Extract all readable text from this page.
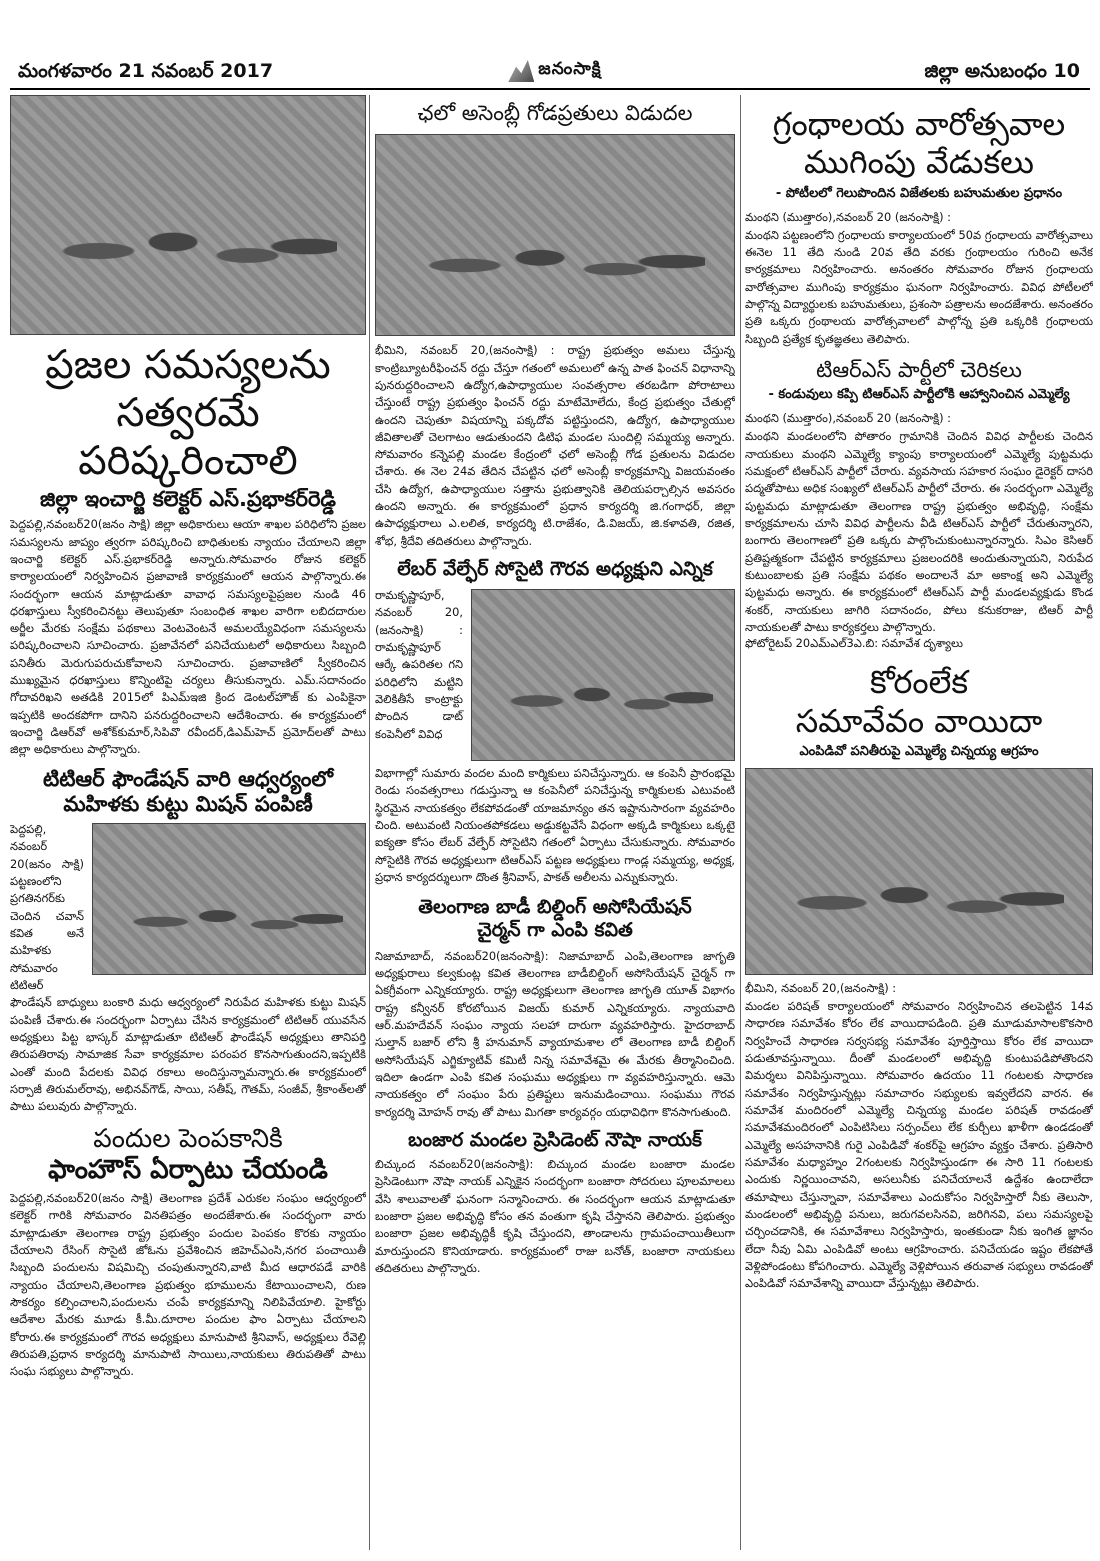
మంగళవారం 21 నవంబర్ 2017	జనంసాక్షి	జిల్లా అనుబంధం 10
ప్రజల సమస్యలను
సత్వరమే పరిష్కరించాలి
జిల్లా ఇంచార్జి కలెక్టర్ ఎస్.ప్రభాకర్‌రెడ్డి

పెద్దపల్లి,నవంబర్20(జనం సాక్షి) జిల్లా అధికారులు ఆయా శాఖల పరిధిలోని ప్రజల సమస్యలను జాప్యం త్వరగా పరిష్కరించి బాధితులకు న్యాయం చేయాలని జిల్లా ఇంచార్జి కలెక్టర్ ఎస్.ప్రభాకర్‌రెడ్డి అన్నారు.సోమవారం రోజున కలెక్టర్ కార్యాలయంలో నిర్వహించిన ప్రజావాణి కార్యక్రమంలో ఆయన పాల్గొన్నారు.ఈ సందర్భంగా ఆయన మాట్లాడుతూ వావాధ సమస్యలపైప్రజల నుండి 46 ధరఖాస్తులు స్వీకరించినట్టు తెలుపుతూ సంబంధిత శాఖల వారిగా లబిదదారుల అర్జీల మేరకు సంక్షేమ పథకాలు వెంటవెంటనే అమలయ్యేవిధంగా సమస్యలను పరిష్కరించాలని సూచించారు. ప్రజావేనలో పనిచేయుటలో అధికారులు సిబ్బంది పనితీరు మెరుగుపరుచుకోవాలని సూచించారు. ప్రజావాణిలో స్వీకరించిన ముఖ్యమైన ధరఖాస్తులు కొన్నింటిపై చర్యలు తీసుకున్నారు. ఎమ్.సదానందం గోదావరిఖని అతడికి 2015లో పిఎమ్ఇజి క్రింద డెంటల్‌హౌజ్ కు ఎంపికైనా ఇప్పటికి అందకపోగా దానిని పనరుద్దరించాలని ఆదేశించారు. ఈ కార్యక్రమంలో ఇంచార్జి డిఆర్‌వో అశోక్‌కుమార్,సిపివొ రవీందర్,డిఎమ్‌హెచ్ ప్రమోద్‌లతో పాటు జిల్లా అధికారులు పాల్గొన్నారు.

టిటిఆర్ ఫౌండేషన్ వారి ఆధ్వర్యంలో
మహిళకు కుట్టు మిషన్ పంపిణీ

పెద్దపల్లి, నవంబర్ 20(జనం సాక్షి) పట్టణంలోని ప్రగతినగర్‌కు చెందిన చవాన్ కవిత అనే మహిళకు సోమవారం టిటిఆర్

ఫౌండేషన్ బాధ్యులు బంకారి మధు ఆధ్వర్యంలో నిరుపేద మహిళకు కుట్టు మిషన్ పంపిణీ చేశారు.ఈ సందర్భంగా ఏర్పాటు చేసిన కార్యక్రమంలో టిటిఆర్ యువసేన అధ్యక్షులు పిట్ట భాస్కర్ మాట్లాడుతూ టిటిఆర్ ఫౌండేషన్ అధ్యక్షులు తానిపర్తి తిరుపతిరావు సామాజిక సేవా కార్యక్రమాల పరంపర కొనసాగుతుందని,ఇప్పటికి ఎంతో మంది పేదలకు వివిధ రకాలు అందిస్తున్నామన్నారు.ఈ కార్యక్రమంలో సర్పాజీ తిరుమల్‌రావు, అభినవ్‌గౌడ్, సాయి, సతీష్, గౌతమ్, సంజీవ్, శ్రీకాంత్‌లతో పాటు పలువురు పాల్గొన్నారు.

పందుల పెంపకానికి
ఫాంహౌస్ ఏర్పాటు చేయండి

పెద్దపల్లి,నవంబర్20(జనం సాక్షి) తెలంగాణ ప్రదేశ్ ఎరుకల సంఘం ఆధ్వర్యంలో కలెక్టర్ గారికి సోమవారం వినతిపత్రం అందజేశారు.ఈ సందర్భంగా వారు మాట్లాడుతూ తెలంగాణ రాష్ట్ర ప్రభుత్వం పందుల పెంపకం కొరకు న్యాయం చేయాలని రేసింగ్ సొసైటి జోఓను ప్రవేశించిన జిహెచ్‌ఎంసి,నగర పంచాయితీ సిబ్బంది పందులను విషమిచ్చి చంపుతున్నారని,వాటి మీద ఆధారపడే వారికి న్యాయం చేయాలని,తెలంగాణ ప్రభుత్వం భూములను కేటాయించాలని, రుణ సౌకర్యం కల్పించాలని,పందులను చంపే కార్యక్రమాన్ని నిలిపివేయాలి. హైకోర్టు ఆదేశాల మేరకు మూడు కీ.మీ.దూరాల పందుల ఫాం ఏర్పాటు చేయాలని కోరారు.ఈ కార్యక్రమంలో గౌరవ అధ్యక్షులు మానుపాటి శ్రీనివాస్, అధ్యక్షులు రేవెల్లి తిరుపతి,ప్రధాన కార్యదర్శి మానుపాటి సాయిలు,నాయకులు తిరుపతితో పాటు సంఘ సభ్యులు పాల్గొన్నారు.

ఛలో అసెంబ్లీ గోడప్రతులు విడుదల

భీమిని, నవంబర్ 20,(జనంసాక్షి) : రాష్ట్ర ప్రభుత్వం అమలు చేస్తున్న కాంట్రిబ్యూటరీఫించన్ రద్దు చేస్తూ గతంలో అమలులో ఉన్న పాత ఫించన్ విధానాన్ని పునరుద్దరించాలని ఉద్యోగ,ఉపాధ్యాయుల సంవత్సరాల తరబడిగా పోరాటాలు చేస్తుంటే రాష్ట్ర ప్రభుత్వం ఫించన్ రద్దు మాటేమోలేదు, కేంద్ర ప్రభుత్వం చేతుల్లో ఉందని చెపుతూ విషయాన్ని పక్కదోవ పట్టిస్తుందని, ఉద్యోగ, ఉపాధ్యాయుల జీవితాలతో చెలగాటం ఆడుతుందని డిటిఫ మండల సుందిల్లి సమ్మయ్య అన్నారు. సోమవారం కన్నెపల్లి మండల కేంద్రంలో ఛలో అసెంబ్లీ గోడ ప్రతులను విడుదల చేశారు. ఈ నెల 24వ తేదిన చేపట్టిన ఛలో అసెంబ్లీ కార్యక్రమాన్ని విజయవంతం చేసి ఉద్యోగ, ఉపాధ్యాయుల సత్తాను ప్రభుత్వానికి తెలియపర్చాల్సిన అవసరం ఉందని అన్నారు. ఈ కార్యక్రమంలో ప్రధాన కార్యదర్శి జి.గంగాధర్, జిల్లా ఉపాధ్యక్షురాలు ఎ.లలిత, కార్యదర్శి టి.రాజేశం, డి.విజయ్, జి.కళావతి, రజిత, శోభ, శ్రీదేవి తదితరులు పాల్గొన్నారు.

లేబర్ వేల్ఫేర్ సోసైటి గౌరవ అధ్యక్షుని ఎన్నిక

రామకృష్ణాపూర్, నవంబర్ 20,(జనంసాక్షి) : రామకృష్ణాపూర్ ఆర్కే ఉపరితల గని పరిధిలోని మట్టిని వెలికితీసే కాంట్రాక్టు పొందిన డాట్ కంపెనీలో వివిధ

విభాగాల్లో సుమారు వందల మంది కార్మికులు పనిచేస్తున్నారు. ఆ కంపెనీ ప్రారంభమై రెండు సంవత్సరాలు గడుస్తున్నా ఆ కంపెనీలో పనిచేస్తున్న కార్మికులకు ఎటువంటి స్థిరమైన నాయకత్వం లేకపోవడంతో యాజమాన్యం తన ఇష్టానుసారంగా వ్యవహరిం చింది. అటువంటి నియంతపోకడలు అడ్డుకట్టవేసే విధంగా అక్కడి కార్మికులు ఒక్కటై ఐక్యతా కోసం లేబర్ వేల్ఫేర్ సోసైటిని గతంలో ఏర్పాటు చేసుకున్నారు. సోమవారం సోసైటికి గౌరవ అధ్యక్షులుగా టిఆర్ఎస్ పట్టణ అధ్యక్షులు గాండ్ల సమ్మయ్య, అధ్యక్ష, ప్రధాన కార్యదర్శులుగా దొంత శ్రీనివాస్, పాకత్ అలీలను ఎన్నుకున్నారు.

తెలంగాణ బాడీ బిల్డింగ్ అసోసియేషన్
చైర్మన్ గా ఎంపి కవిత

నిజామాబాద్, నవంబర్20(జనంసాక్షి): నిజామాబాద్ ఎంపి,తెలంగాణ జాగృతి అధ్యక్షురాలు కల్వకుంట్ల కవిత తెలంగాణ బాడీబిల్డింగ్ అసోసియేషన్ చైర్మన్ గా ఏకగ్రీవంగా ఎన్నికయ్యారు. రాష్ట్ర అధ్యక్షులుగా తెలంగాణ జాగృతి యూత్ విభాగం రాష్ట్ర కన్వీనర్ కోరబోయిన విజయ్ కుమార్ ఎన్నికయ్యారు. న్యాయవాది ఆర్.మహదేవన్ సంఘం న్యాయ సలహా దారుగా వ్యవహరిస్తారు. హైదరాబాద్ సుల్తాన్ బజార్ లోని శ్రీ హనుమాన్ వ్యాయామశాల లో తెలంగాణ బాడీ బిల్డింగ్ అసోసియేషన్ ఎగ్జిక్యూటివ్ కమిటీ నిన్న సమావేశమై ఈ మేరకు తీర్మానించింది. ఇదిలా ఉండగా ఎంపి కవిత సంఘము అధ్యక్షులు గా వ్యవహరిస్తున్నారు. ఆమె నాయకత్వం లో సంఘం పేరు ప్రతిష్టలు ఇనుమడించాయి. సంఘము గౌరవ కార్యదర్శి మోహన్ రావు తో పాటు మిగతా కార్యవర్గం యధావిధిగా కొనసాగుతుంది.

బంజార మండల ప్రెసిడెంట్ నౌషా నాయక్

బిచ్కుంద నవంబర్20(జనంసాక్షి): బిచ్కుంద మండల బంజారా మండల ప్రెసిడెంటుగా నౌషా నాయక్ ఎన్నికైన సందర్భంగా బంజారా సోదరులు పూలమాలలు వేసి శాలువాలతో ఘనంగా సన్మానించారు. ఈ సందర్భంగా ఆయన మాట్లాడుతూ బంజారా ప్రజల అభివృద్ధి కోసం తన వంతుగా కృషి చేస్తానని తెలిపారు. ప్రభుత్వం బంజారా ప్రజల అభివృద్ధికీ కృషి చేస్తుందని, తాండాలను గ్రామపంచాయితీలుగా మారుస్తుందని కొనియాడారు. కార్యక్రమంలో రాజు బనోత్, బంజారా నాయకులు తదితరులు పాల్గొన్నారు.

గ్రంధాలయ వారోత్సవాల
ముగింపు వేడుకలు
- పోటీలలో గెలుపొందిన విజేతలకు బహుమతుల ప్రధానం

మంథని (ముత్తారం),నవంబర్ 20 (జనంసాక్షి) :

మంథని పట్టణంలోని గ్రంధాలయ కార్యాలయంలో 50వ గ్రంధాలయ వారోత్సవాలు ఈనెల 11 తేది నుండి 20వ తేది వరకు గ్రంథాలయం గురించి అనేక కార్యక్రమాలు నిర్వహించారు. అనంతరం సోమవారం రోజున గ్రంధాలయ వారోత్సవాల ముగింపు కార్యక్రమం ఘనంగా నిర్వహించారు. వివిధ పోటీలలో పాల్గొన్న విద్యార్థులకు బహుమతులు, ప్రశంసా పత్రాలను అందజేశారు. అనంతరం ప్రతి ఒక్కరు గ్రంథాలయ వారోత్సవాలలో పాల్గోన్న ప్రతి ఒక్కరికి గ్రంధాలయ సిబ్బంది ప్రత్యేక కృతజ్ఞతలు తెలిపారు.

టిఆర్ఎస్ పార్టీలో చెరికలు
- కండువులు కప్పి టిఆర్ఎస్ పార్టీలోకి ఆహ్వానించిన ఎమ్మెల్యే

మంథని (ముత్తారం),నవంబర్ 20 (జనంసాక్షి) :

మంథని మండలంలోని పోతారం గ్రామానికి చెందిన వివిధ పార్టీలకు చెందిన నాయకులు మంథని ఎమ్మెల్యే క్యాంపు కార్యాలయంలో ఎమ్మెల్యే పుట్టమధు సమక్షంలో టిఆర్ఎస్ పార్టీలో చేరారు. వ్యవసాయ సహకార సంఘం డైరెక్టర్ దాసరి పద్మతోపాటు అధిక సంఖ్యలో టిఆర్ఎస్ పార్టీలో చేరారు. ఈ సందర్భంగా ఎమ్మెల్యే పుట్టమధు మాట్లాడుతూ తెలంగాణ రాష్ట్ర ప్రభుత్వం అభివృద్ధి, సంక్షేమ కార్యక్రమాలను చూసి వివిధ పార్టీలను వీడి టిఆర్ఎస్ పార్టీలో చేరుతున్నారని, బంగారు తెలంగాణలో ప్రతి ఒక్కరు పాల్గొంచుకుంటున్నారన్నారు. సిఎం కెసిఆర్ ప్రతిష్టత్మకంగా చేపట్టిన కార్యక్రమాలు ప్రజలందరికి అందుతున్నాయని, నిరుపేద కుటుంబాలకు ప్రతి సంక్షేమ పథకం అందాలనే మా అకాంక్ష అని ఎమ్మెల్యే పుట్టమధు అన్నారు. ఈ కార్యక్రమంలో టిఆర్ఎస్ పార్టీ మండలవ్యక్షుడు కొండ శంకర్, నాయకులు జాగిరి సదానందం, పోలు కనుకరాజు, టిఆర్ పార్టీ నాయకులతో పాటు కార్యకర్తలు పాల్గొన్నారు.

ఫోటోరైటప్ 20ఎమ్ఎల్3ఎ.బి: సమావేశ దృశ్యాలు

కోరంలేక
సమావేవం వాయిదా
ఎంపిడివో పనితీరుపై ఎమ్మెల్యే చిన్నయ్య ఆగ్రహం

భీమిని, నవంబర్ 20,(జనంసాక్షి) :

మండల పరిషత్ కార్యాలయంలో సోమవారం నిర్వహించిన తలపెట్టిన 14వ సాధారణ సమావేశం కోరం లేక వాయిదాపడింది. ప్రతి మూడుమాసాలకొకసారి నిర్వహించే సాధారణ సర్వసభ్య సమావేశం పూర్తిస్తాయి కోరం లేక వాయిదా పడుతూవస్తున్నాయి. దీంతో మండలంలో అభివృద్ది కుంటుపడిపోతొందని విమర్శలు వినిపిస్తున్నాయి. సోమవారం ఉదయం 11 గంటలకు సాధారణ సమావేశం నిర్వహిస్తున్నట్లు సమాచారం సభ్యులకు ఇవ్వలేదని వారన. ఈ సమావేశ మందిరంలో ఎమ్మెల్యే చిన్నయ్య మండల పరిషత్ రావడంతో సమావేశమందిరంలో ఎంపిటిసిలు సర్పంచ్‌లు లేక కుర్చీలు ఖాళీగా ఉండడంతో ఎమ్మెల్యే అసహనానికి గురై ఎంపిడివో శంకర్‌పై ఆగ్రహం వ్యక్తం చేశారు. ప్రతిసారి సమావేశం మధ్యాహ్నం 2గంటలకు నిర్వహిస్తుండగా ఈ సారి 11 గంటలకు ఎందుకు నిర్ణయించావని, అసలునీకు పనిచేయాలనే ఉద్దేశం ఉందాలేదా తమాషాలు చేస్తున్నావా, సమావేశాలు ఎందుకోసం నిర్వహిస్తారో నీకు తెలుసా, మండలంలో అభివృద్ది పనులు, జరుగవలసినవి, జరిగినవి, పలు సమస్యలపై చర్చించడానికి, ఈ సమావేశాలు నిర్వహిస్తారు, ఇంతకుండా నీకు ఇంగిత జ్ఞానం లేదా నీవు ఏమి ఎంపిడివో అంటు ఆగ్రహించారు. పనిచేయడం ఇష్టం లేకపోతే వెళ్లిపోండంటు కోపగించారు. ఎమ్మెల్యే వెళ్లిపోయిన తరువాత సభ్యులు రావడంతో ఎంపిడివో సమావేశాన్ని వాయిదా వేస్తున్నట్లు తెలిపారు.
